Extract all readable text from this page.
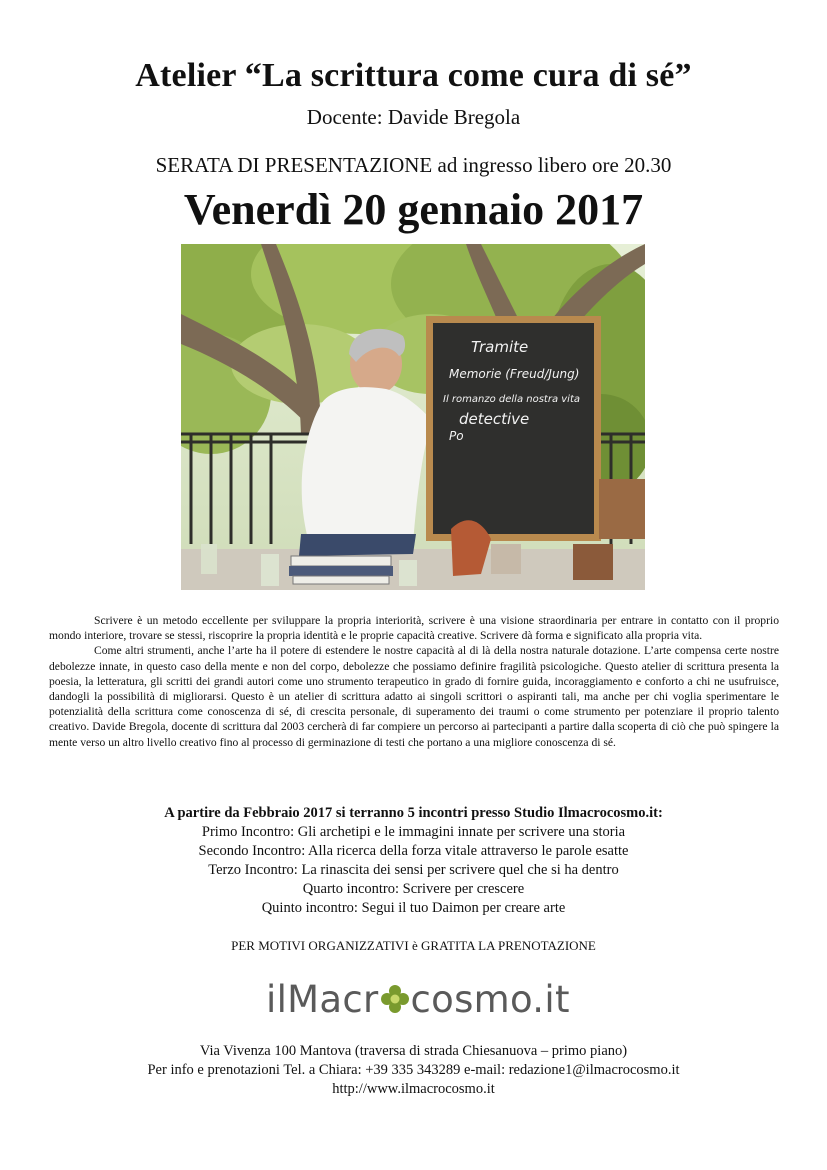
Atelier “La scrittura come cura di sé”
Docente: Davide Bregola
SERATA DI PRESENTAZIONE ad ingresso libero ore 20.30
Venerdì 20 gennaio 2017
Tramite
Memorie (Freud/Jung)
Il romanzo della nostra vita
detective
Po

Scrivere è un metodo eccellente per sviluppare la propria interiorità, scrivere è una visione straordinaria per entrare in contatto con il proprio mondo interiore, trovare se stessi, riscoprire la propria identità e le proprie capacità creative. Scrivere dà forma e significato alla propria vita.

Come altri strumenti, anche l’arte ha il potere di estendere le nostre capacità al di là della nostra naturale dotazione. L’arte compensa certe nostre debolezze innate, in questo caso della mente e non del corpo, debolezze che possiamo definire fragilità psicologiche. Questo atelier di scrittura presenta la poesia, la letteratura, gli scritti dei grandi autori come uno strumento terapeutico in grado di fornire guida, incoraggiamento e conforto a chi ne usufruisce, dandogli la possibilità di migliorarsi. Questo è un atelier di scrittura adatto ai singoli scrittori o aspiranti tali, ma anche per chi voglia sperimentare le potenzialità della scrittura come conoscenza di sé, di crescita personale, di superamento dei traumi o come strumento per potenziare il proprio talento creativo. Davide Bregola, docente di scrittura dal 2003 cercherà di far compiere un percorso ai partecipanti a partire dalla scoperta di ciò che può spingere la mente verso un altro livello creativo fino al processo di germinazione di testi che portano a una migliore conoscenza di sé.

A partire da Febbraio 2017 si terranno 5 incontri presso Studio Ilmacrocosmo.it:
Primo Incontro: Gli archetipi e le immagini innate per scrivere una storia
Secondo Incontro: Alla ricerca della forza vitale attraverso le parole esatte
Terzo Incontro: La rinascita dei sensi per scrivere quel che si ha dentro
Quarto incontro: Scrivere per crescere
Quinto incontro: Segui il tuo Daimon per creare arte
PER MOTIVI ORGANIZZATIVI è GRATITA LA PRENOTAZIONE
ilMacr cosmo.it
Via Vivenza 100 Mantova (traversa di strada Chiesanuova – primo piano)
Per info e prenotazioni Tel. a Chiara: +39 335 343289 e-mail: redazione1@ilmacrocosmo.it
http://www.ilmacrocosmo.it
